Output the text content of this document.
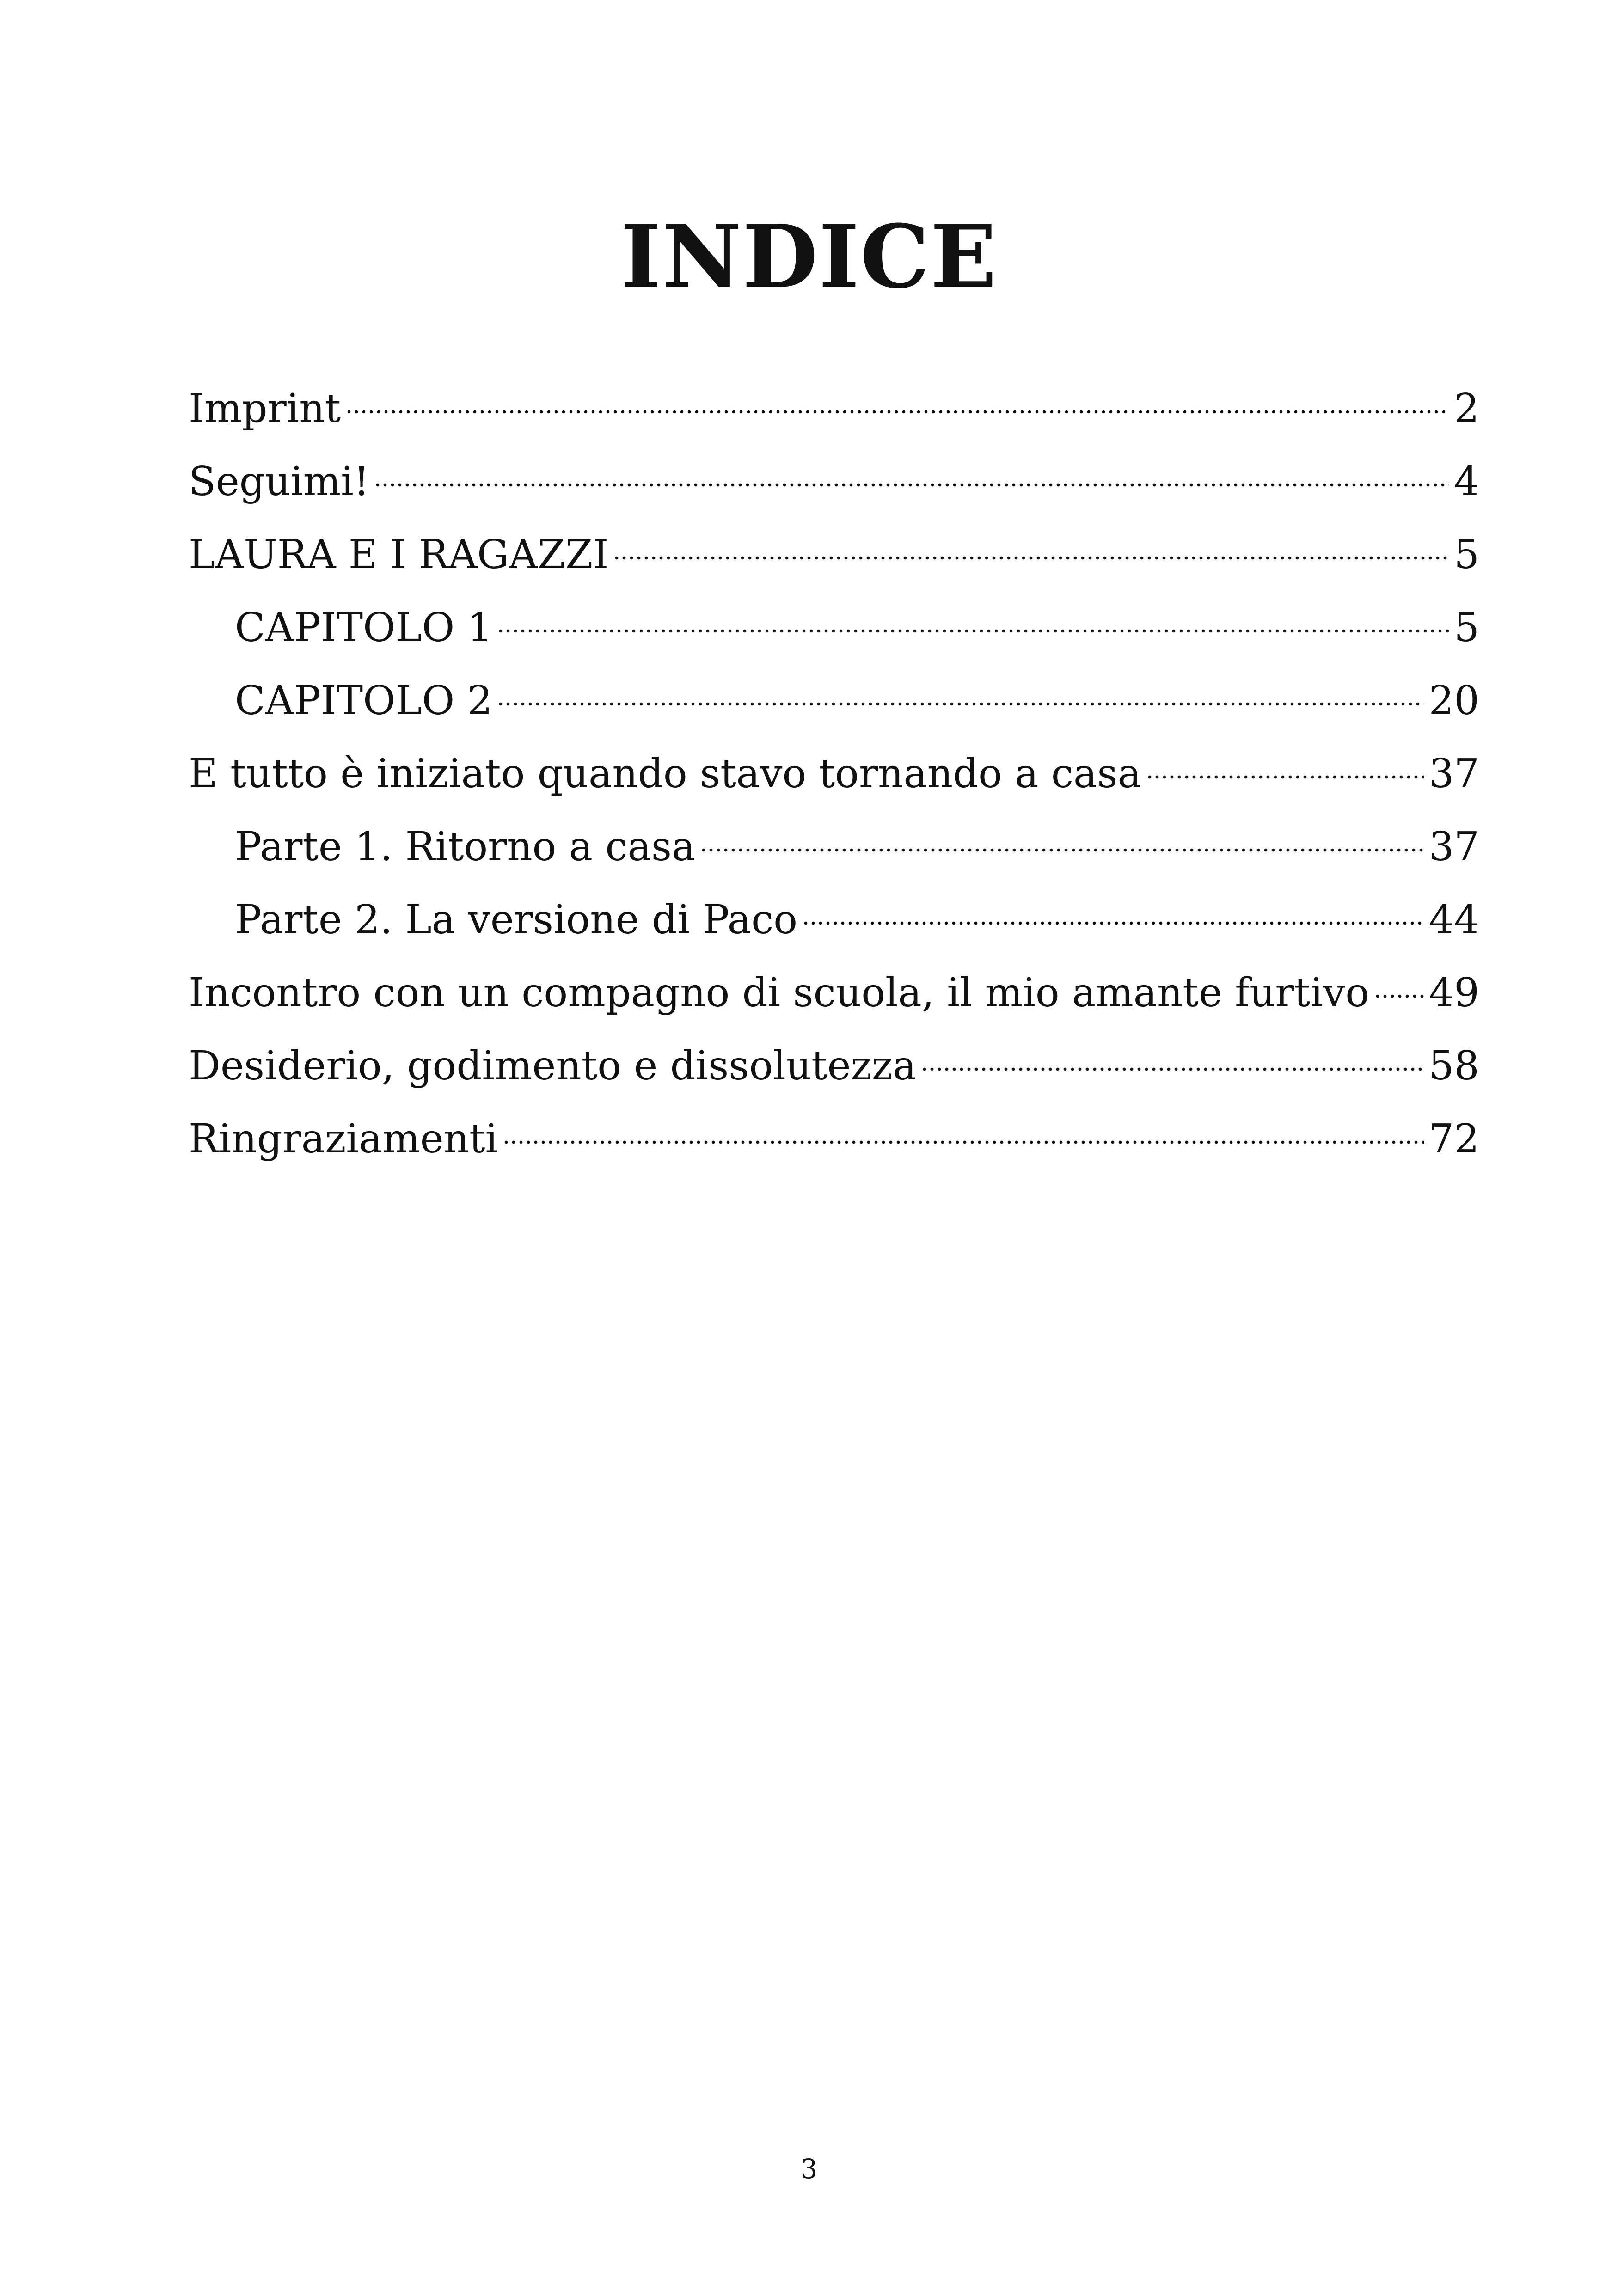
INDICE
Imprint	2
Seguimi!	4
LAURA E I RAGAZZI	5
CAPITOLO 1	5
CAPITOLO 2	20
E tutto è iniziato quando stavo tornando a casa	37
Parte 1. Ritorno a casa	37
Parte 2. La versione di Paco	44
Incontro con un compagno di scuola, il mio amante furtivo 49
Desiderio, godimento e dissolutezza	58
Ringraziamenti	72
3
